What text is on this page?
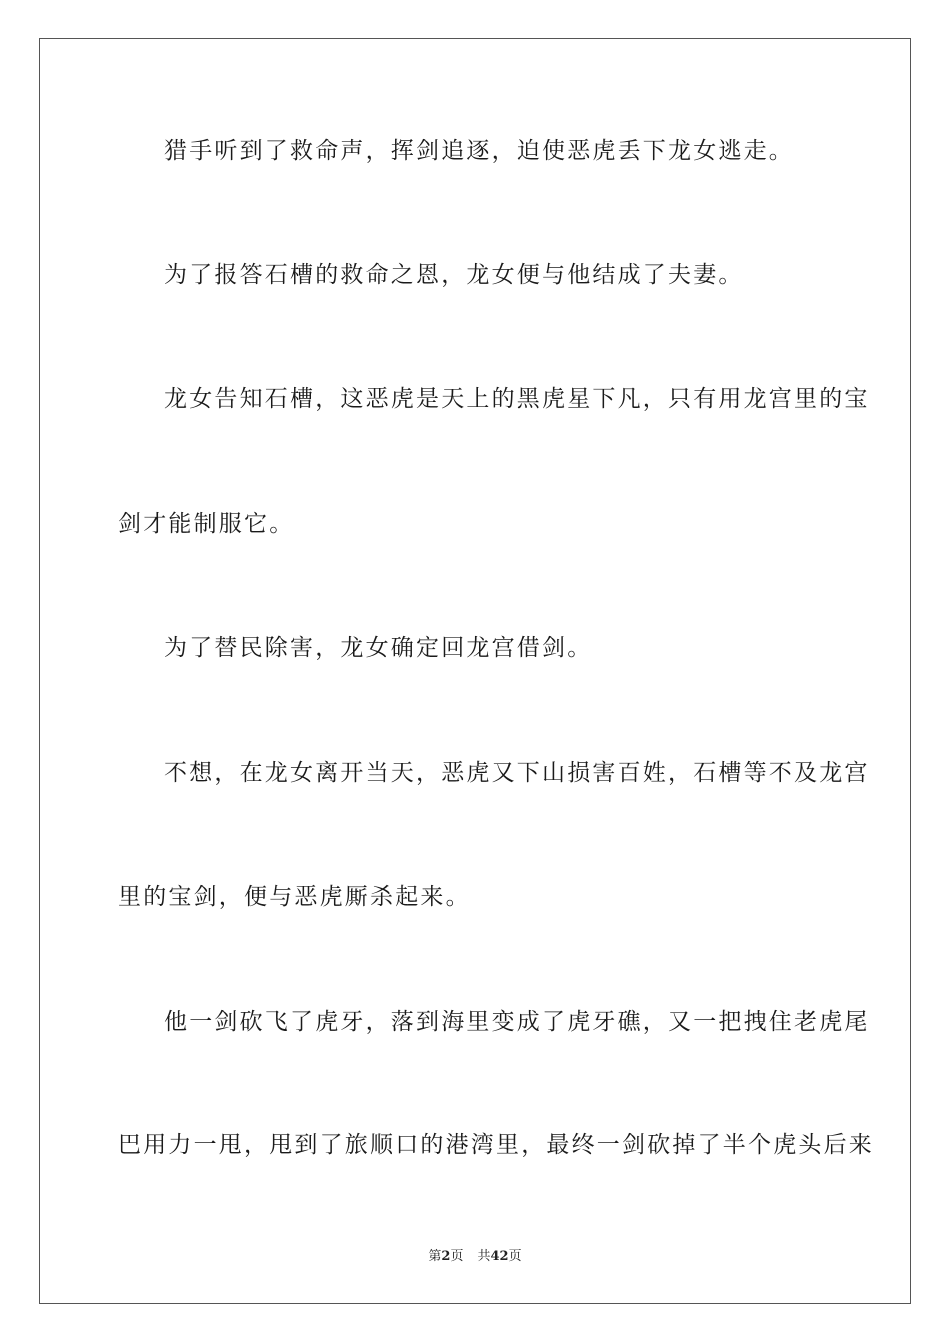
猎手听到了救命声，挥剑追逐，迫使恶虎丢下龙女逃走。
为了报答石槽的救命之恩，龙女便与他结成了夫妻。
龙女告知石槽，这恶虎是天上的黑虎星下凡，只有用龙宫里的宝
剑才能制服它。
为了替民除害，龙女确定回龙宫借剑。
不想，在龙女离开当天，恶虎又下山损害百姓，石槽等不及龙宫
里的宝剑，便与恶虎厮杀起来。
他一剑砍飞了虎牙，落到海里变成了虎牙礁，又一把拽住老虎尾
巴用力一甩，甩到了旅顺口的港湾里，最终一剑砍掉了半个虎头后来
第2页 共42页
